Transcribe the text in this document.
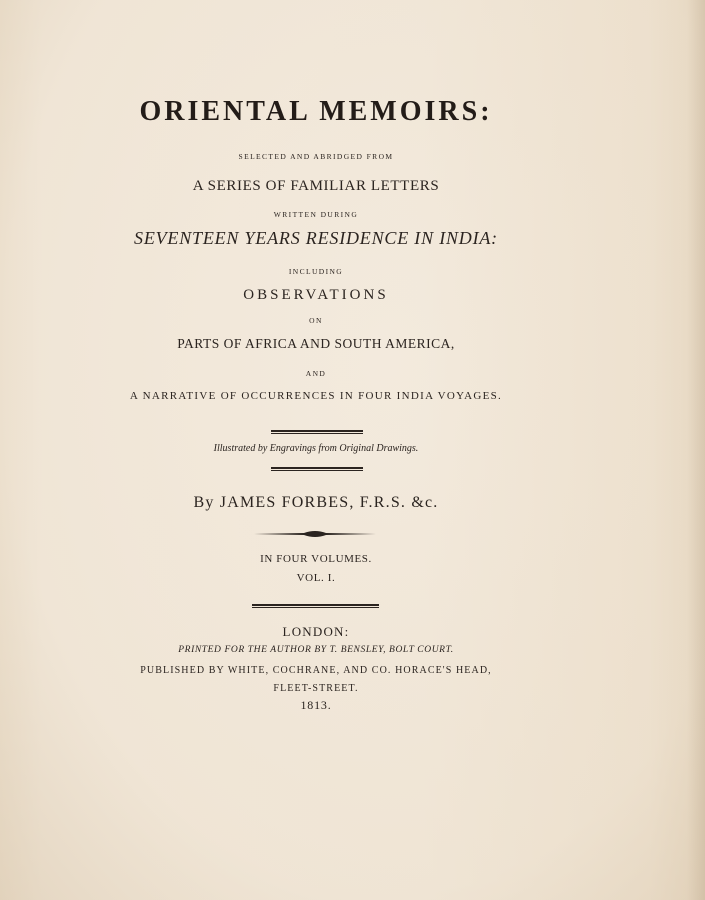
ORIENTAL MEMOIRS:
SELECTED AND ABRIDGED FROM
A SERIES OF FAMILIAR LETTERS
WRITTEN DURING
SEVENTEEN YEARS RESIDENCE IN INDIA:
INCLUDING
OBSERVATIONS
ON
PARTS OF AFRICA AND SOUTH AMERICA,
AND
A NARRATIVE OF OCCURRENCES IN FOUR INDIA VOYAGES.
Illustrated by Engravings from Original Drawings.
By JAMES FORBES, F.R.S. &c.
IN FOUR VOLUMES.
VOL. I.
LONDON:
PRINTED FOR THE AUTHOR BY T. BENSLEY, BOLT COURT.
PUBLISHED BY WHITE, COCHRANE, AND CO. HORACE'S HEAD,
FLEET-STREET.
1813.
